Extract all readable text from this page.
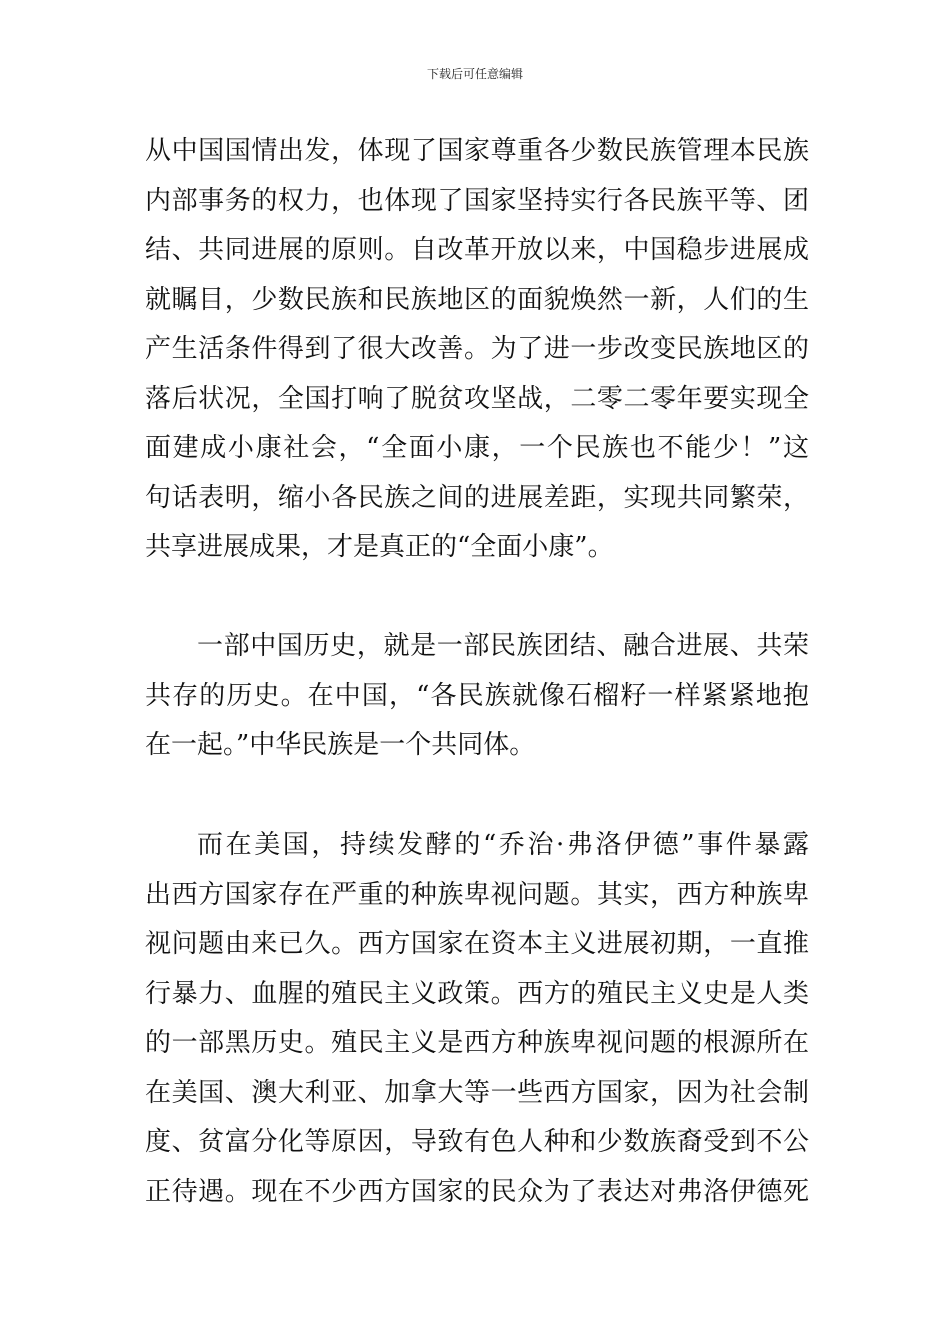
下载后可任意编辑
从中国国情出发，体现了国家尊重各少数民族管理本民族
内部事务的权力，也体现了国家坚持实行各民族平等、团
结、共同进展的原则。自改革开放以来，中国稳步进展成
就瞩目，少数民族和民族地区的面貌焕然一新，人们的生
产生活条件得到了很大改善。为了进一步改变民族地区的
落后状况，全国打响了脱贫攻坚战，二零二零年要实现全
面建成小康社会，“全面小康，一个民族也不能少！”这
句话表明，缩小各民族之间的进展差距，实现共同繁荣，
共享进展成果，才是真正的“全面小康”。
一部中国历史，就是一部民族团结、融合进展、共荣
共存的历史。在中国，“各民族就像石榴籽一样紧紧地抱
在一起。”中华民族是一个共同体。
而在美国，持续发酵的“乔治·弗洛伊德”事件暴露
出西方国家存在严重的种族卑视问题。其实，西方种族卑
视问题由来已久。西方国家在资本主义进展初期，一直推
行暴力、血腥的殖民主义政策。西方的殖民主义史是人类
的一部黑历史。殖民主义是西方种族卑视问题的根源所在
在美国、澳大利亚、加拿大等一些西方国家，因为社会制
度、贫富分化等原因，导致有色人种和少数族裔受到不公
正待遇。现在不少西方国家的民众为了表达对弗洛伊德死
